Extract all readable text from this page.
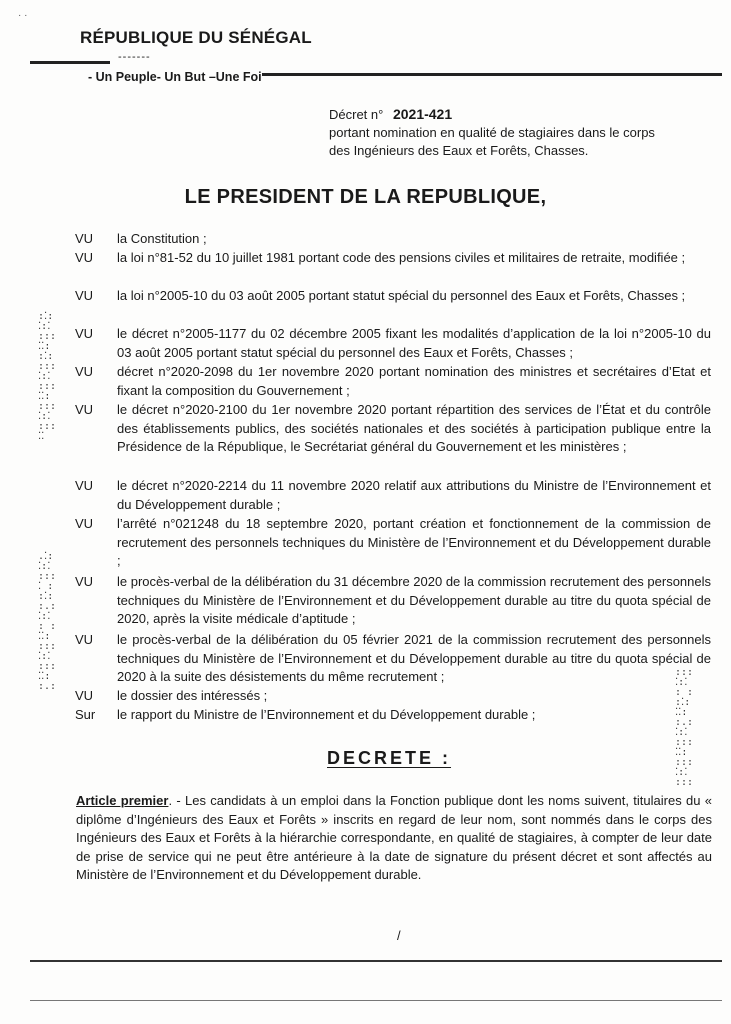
· ·
RÉPUBLIQUE DU SÉNÉGAL
-------
- Un Peuple- Un But –Une Foi
Décret n° 2021-421
portant nomination en qualité de stagiaires dans le corps
des Ingénieurs des Eaux et Forêts, Chasses.
LE PRESIDENT DE LA REPUBLIQUE,
VU	la Constitution ;
VU	la loi n°81-52 du 10 juillet 1981 portant code des pensions civiles et militaires de retraite, modifiée ;
VU	la loi n°2005-10 du 03 août 2005 portant statut spécial du personnel des Eaux et Forêts, Chasses ;
VU	le décret n°2005-1177 du 02 décembre 2005 fixant les modalités d’application de la loi n°2005-10 du 03 août 2005 portant statut spécial du personnel des Eaux et Forêts, Chasses ;
VU	décret n°2020-2098 du 1er novembre 2020 portant nomination des ministres et secrétaires d’Etat et fixant la composition du Gouvernement ;
VU	le décret n°2020-2100 du 1er novembre 2020 portant répartition des services de l’État et du contrôle des établissements publics, des sociétés nationales et des sociétés à participation publique entre la Présidence de la République, le Secrétariat général du Gouvernement et les ministères ;
VU	le décret n°2020-2214 du 11 novembre 2020 relatif aux attributions du Ministre de l’Environnement et du Développement durable ;
VU	l’arrêté n°021248 du 18 septembre 2020, portant création et fonctionnement de la commission de recrutement des personnels techniques du Ministère de l’Environnement et du Développement durable ;
VU	le procès-verbal de la délibération du 31 décembre 2020 de la commission recrutement des personnels techniques du Ministère de l’Environnement et du Développement durable au titre du quota spécial de 2020, après la visite médicale d’aptitude ;
VU	le procès-verbal de la délibération du 05 février 2021 de la commission recrutement des personnels techniques du Ministère de l’Environnement et du Développement durable au titre du quota spécial de 2020 à la suite des désistements du même recrutement ;
VU	le dossier des intéressés ;
Sur	le rapport du Ministre de l’Environnement et du Développement durable ;
DECRETE :
Article premier. - Les candidats à un emploi dans la Fonction publique dont les noms suivent, titulaires du « diplôme d’Ingénieurs des Eaux et Forêts » inscrits en regard de leur nom, sont nommés dans le corps des Ingénieurs des Eaux et Forêts à la hiérarchie correspondante, en qualité de stagiaires, à compter de leur date de prise de service qui ne peut être antérieure à la date de signature du présent décret et sont affectés au Ministère de l’Environnement et du Développement durable.
/
:⁚:
⁚:⁚
:::
⁚⁚:
:⁚:
:::
⁚:⁚
:::
⁚⁚:
:::
⁚:⁚
:::
⁚⁚
.⁚:
⁚:⁚
:::
⁚ :
:⁚:
:.:
⁚:⁚
: :
⁚⁚:
:::
⁚:⁚
:::
⁚⁚:
:.:
:::
⁚:⁚
: :
:⁚:
⁚⁚:
:.:
⁚:⁚
:::
⁚⁚:
:::
⁚:⁚
:::
